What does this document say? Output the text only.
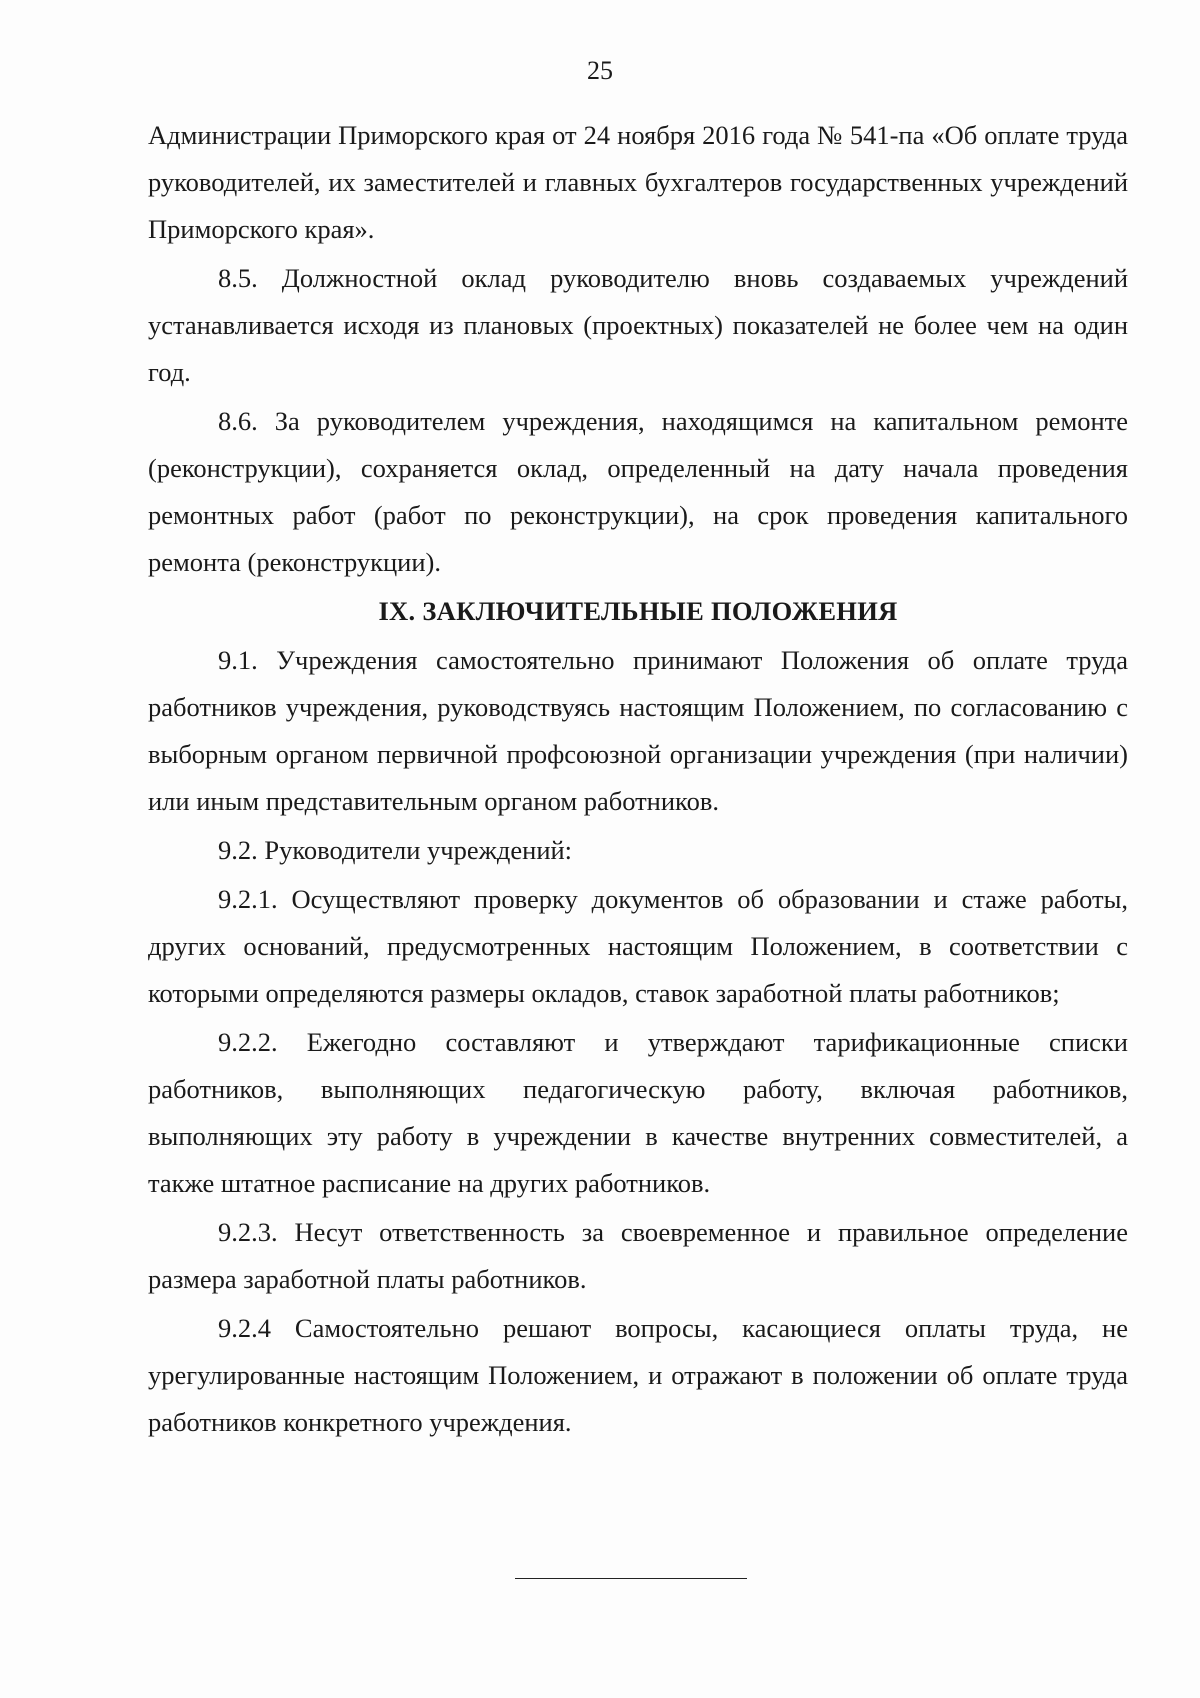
25

Администрации Приморского края от 24 ноября 2016 года № 541-па «Об оплате труда руководителей, их заместителей и главных бухгалтеров государственных учреждений Приморского края».

8.5. Должностной оклад руководителю вновь создаваемых учреждений устанавливается исходя из плановых (проектных) показателей не более чем на один год.

8.6. За руководителем учреждения, находящимся на капитальном ремонте (реконструкции), сохраняется оклад, определенный на дату начала проведения ремонтных работ (работ по реконструкции), на срок проведения капитального ремонта (реконструкции).

IX. ЗАКЛЮЧИТЕЛЬНЫЕ ПОЛОЖЕНИЯ

9.1. Учреждения самостоятельно принимают Положения об оплате труда работников учреждения, руководствуясь настоящим Положением, по согласованию с выборным органом первичной профсоюзной организации учреждения (при наличии) или иным представительным органом работников.

9.2. Руководители учреждений:

9.2.1. Осуществляют проверку документов об образовании и стаже работы, других оснований, предусмотренных настоящим Положением, в соответствии с которыми определяются размеры окладов, ставок заработной платы работников;

9.2.2. Ежегодно составляют и утверждают тарификационные списки работников, выполняющих педагогическую работу, включая работников, выполняющих эту работу в учреждении в качестве внутренних совместителей, а также штатное расписание на других работников.

9.2.3. Несут ответственность за своевременное и правильное определение размера заработной платы работников.

9.2.4 Самостоятельно решают вопросы, касающиеся оплаты труда, не урегулированные настоящим Положением, и отражают в положении об оплате труда работников конкретного учреждения.
